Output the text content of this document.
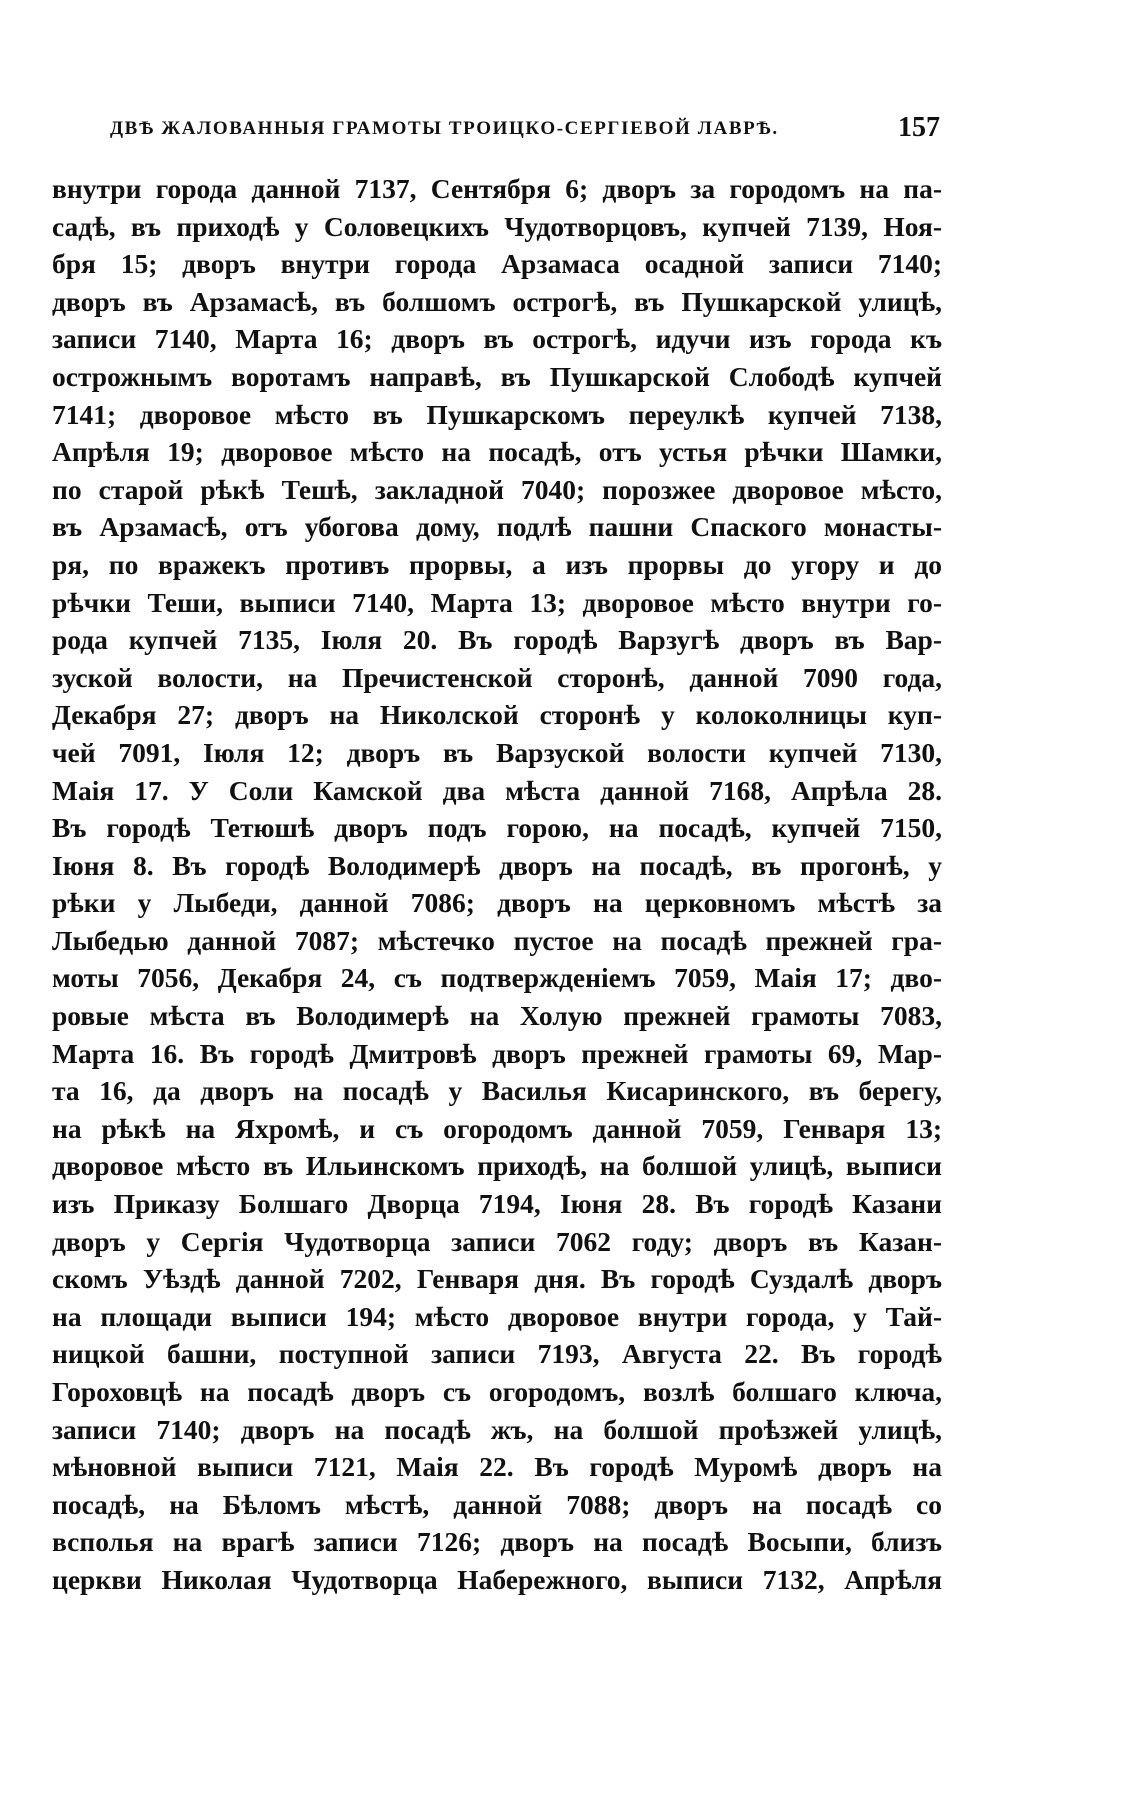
ДВѢ ЖАЛОВАННЫЯ ГРАМОТЫ ТРОИЦКО-СЕРГІЕВОЙ ЛАВРѢ.	157
внутри города данной 7137, Сентября 6; дворъ за городомъ на па-
садѣ, въ приходѣ у Соловецкихъ Чудотворцовъ, купчей 7139, Ноя-
бря 15; дворъ внутри города Арзамаса осадной записи 7140;
дворъ въ Арзамасѣ, въ болшомъ острогѣ, въ Пушкарской улицѣ,
записи 7140, Марта 16; дворъ въ острогѣ, идучи изъ города къ
острожнымъ воротамъ направѣ, въ Пушкарской Слободѣ купчей
7141; дворовое мѣсто въ Пушкарскомъ переулкѣ купчей 7138,
Апрѣля 19; дворовое мѣсто на посадѣ, отъ устья рѣчки Шамки,
по старой рѣкѣ Тешѣ, закладной 7040; порозжее дворовое мѣсто,
въ Арзамасѣ, отъ убогова дому, подлѣ пашни Спаского монасты-
ря, по вражекъ противъ прорвы, а изъ прорвы до угору и до
рѣчки Теши, выписи 7140, Марта 13; дворовое мѣсто внутри го-
рода купчей 7135, Іюля 20. Въ городѣ Варзугѣ дворъ въ Вар-
зуской волости, на Пречистенской сторонѣ, данной 7090 года,
Декабря 27; дворъ на Николской сторонѣ у колоколницы куп-
чей 7091, Іюля 12; дворъ въ Варзуской волости купчей 7130,
Маія 17. У Соли Камской два мѣста данной 7168, Апрѣла 28.
Въ городѣ Тетюшѣ дворъ подъ горою, на посадѣ, купчей 7150,
Іюня 8. Въ городѣ Володимерѣ дворъ на посадѣ, въ прогонѣ, у
рѣки у Лыбеди, данной 7086; дворъ на церковномъ мѣстѣ за
Лыбедью данной 7087; мѣстечко пустое на посадѣ прежней гра-
моты 7056, Декабря 24, съ подтвержденіемъ 7059, Маія 17; дво-
ровые мѣста въ Володимерѣ на Холую прежней грамоты 7083,
Марта 16. Въ городѣ Дмитровѣ дворъ прежней грамоты 69, Мар-
та 16, да дворъ на посадѣ у Василья Кисаринского, въ берегу,
на рѣкѣ на Яхромѣ, и съ огородомъ данной 7059, Генваря 13;
дворовое мѣсто въ Ильинскомъ приходѣ, на болшой улицѣ, выписи
изъ Приказу Болшаго Дворца 7194, Іюня 28. Въ городѣ Казани
дворъ у Сергія Чудотворца записи 7062 году; дворъ въ Казан-
скомъ Уѣздѣ данной 7202, Генваря дня. Въ городѣ Суздалѣ дворъ
на площади выписи 194; мѣсто дворовое внутри города, у Тай-
ницкой башни, поступной записи 7193, Августа 22. Въ городѣ
Гороховцѣ на посадѣ дворъ съ огородомъ, возлѣ болшаго ключа,
записи 7140; дворъ на посадѣ жъ, на болшой проѣзжей улицѣ,
мѣновной выписи 7121, Маія 22. Въ городѣ Муромѣ дворъ на
посадѣ, на Бѣломъ мѣстѣ, данной 7088; дворъ на посадѣ со
всполья на врагѣ записи 7126; дворъ на посадѣ Восыпи, близъ
церкви Николая Чудотворца Набережного, выписи 7132, Апрѣля
